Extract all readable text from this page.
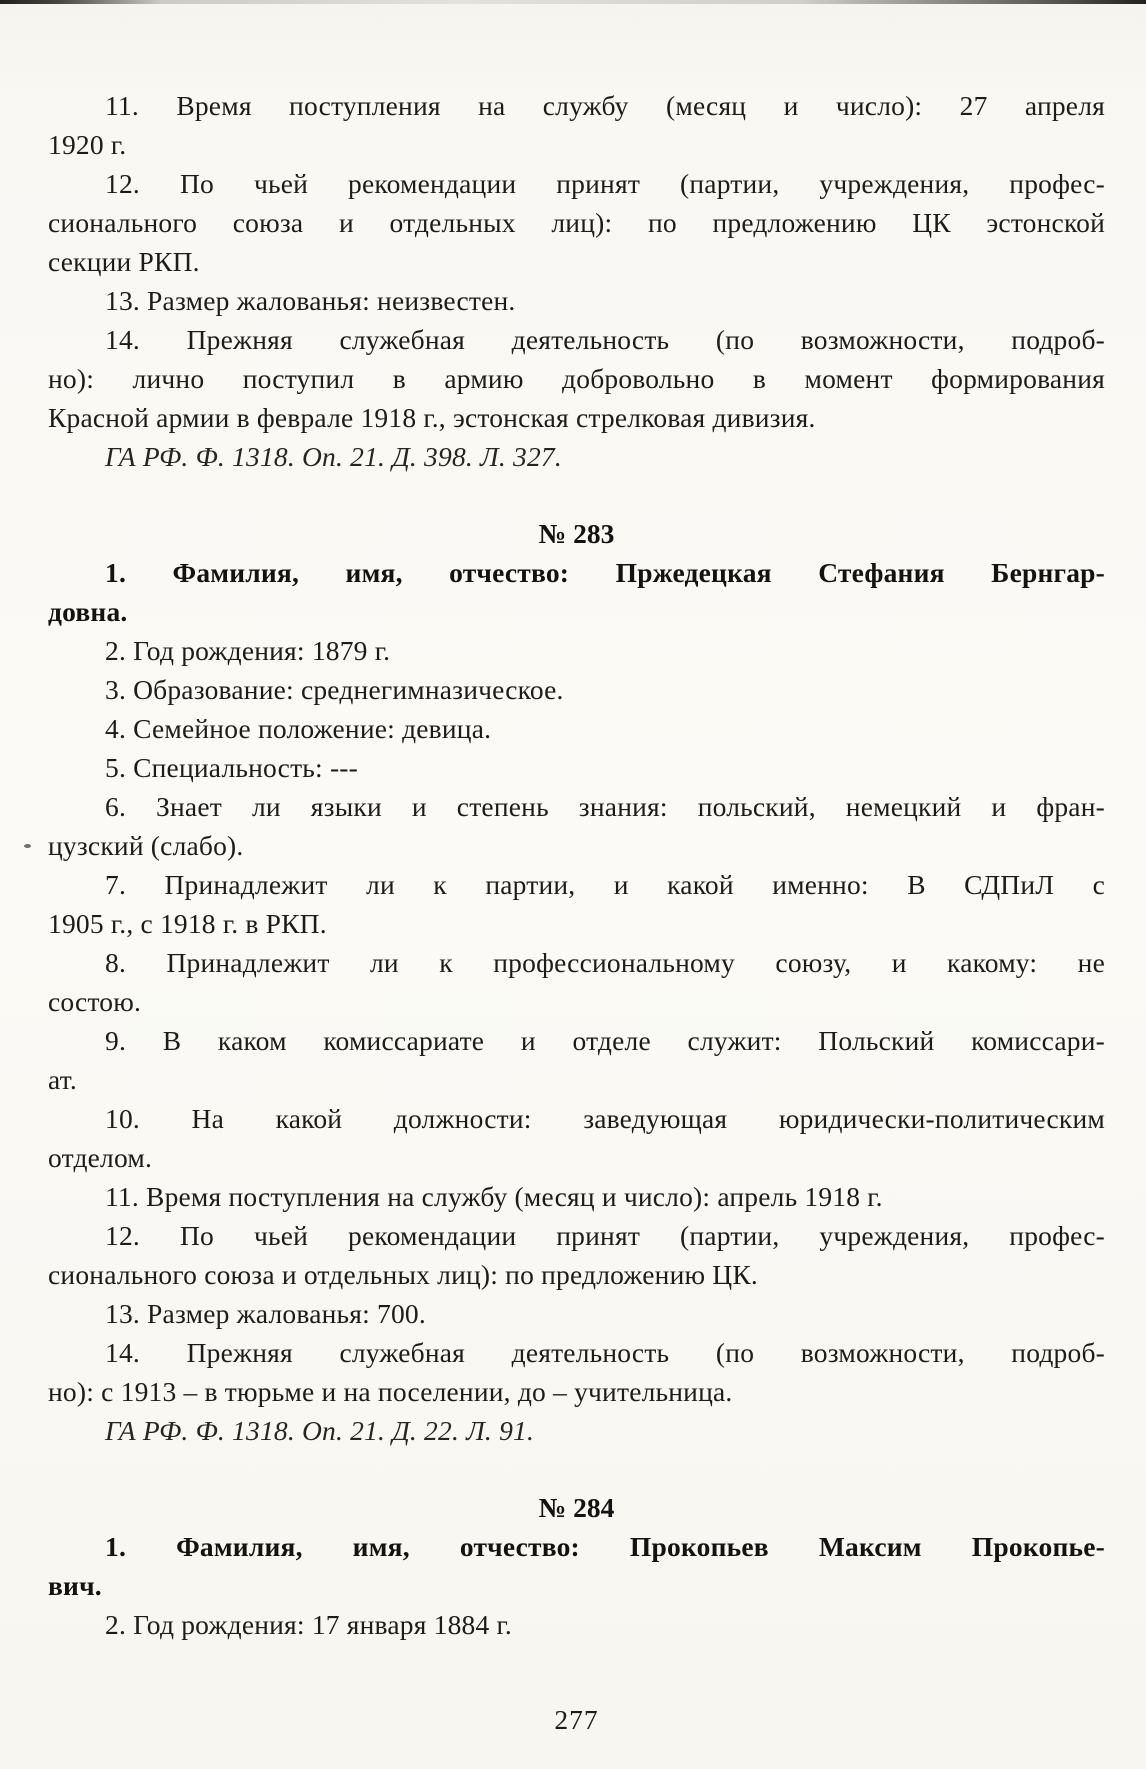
11. Время поступления на службу (месяц и число): 27 апреля
1920 г.
12. По чьей рекомендации принят (партии, учреждения, профес-
сионального союза и отдельных лиц): по предложению ЦК эстонской
секции РКП.
13. Размер жалованья: неизвестен.
14. Прежняя служебная деятельность (по возможности, подроб-
но): лично поступил в армию добровольно в момент формирования
Красной армии в феврале 1918 г., эстонская стрелковая дивизия.
ГА РФ. Ф. 1318. Оп. 21. Д. 398. Л. 327.
№ 283
1. Фамилия, имя, отчество: Пржедецкая Стефания Бернгар-
довна.
2. Год рождения: 1879 г.
3. Образование: среднегимназическое.
4. Семейное положение: девица.
5. Специальность: ---
6. Знает ли языки и степень знания: польский, немецкий и фран-
цузский (слабо).
7. Принадлежит ли к партии, и какой именно: В СДПиЛ с
1905 г., с 1918 г. в РКП.
8. Принадлежит ли к профессиональному союзу, и какому: не
состою.
9. В каком комиссариате и отделе служит: Польский комиссари-
ат.
10. На какой должности: заведующая юридически-политическим
отделом.
11. Время поступления на службу (месяц и число): апрель 1918 г.
12. По чьей рекомендации принят (партии, учреждения, профес-
сионального союза и отдельных лиц): по предложению ЦК.
13. Размер жалованья: 700.
14. Прежняя служебная деятельность (по возможности, подроб-
но): с 1913 – в тюрьме и на поселении, до – учительница.
ГА РФ. Ф. 1318. Оп. 21. Д. 22. Л. 91.
№ 284
1. Фамилия, имя, отчество: Прокопьев Максим Прокопье-
вич.
2. Год рождения: 17 января 1884 г.
277
